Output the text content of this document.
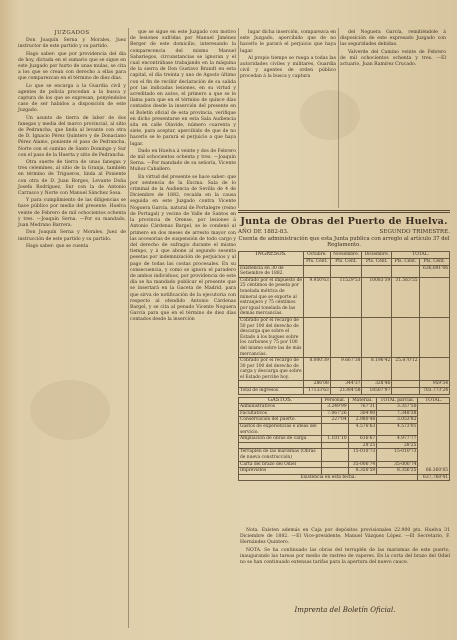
JUZGADOS

Don Joaquín Serna y Morales, Juez instructor de este partido y su partido.

Hago saber: que por providencia del día de hoy, dictada en el sumario que se sigue en este Juzgado por hurto de unas mulas, se cita a los que se crean con derecho a ellas para que comparezcan en el término de diez días.

Lo que se encarga a la Guardia civil y agentes de policía procedan a la busca y captura de los que se expresan, ponyéndolos caso de ser habidos a disposición de este Juzgado.

Un asunto de tierra de labor de dos fanegas y media del marco provincial, al sitio de Pedrancha, que linda al levante con otra de D. Ignacio Pérez Quintero y de Donaciano Pérez Alamo, poniente el paso de Pedrancha, Norte con el camino de Santo Domingo y Sur con el paso de la Huerta y sitio de Pedrancha.

Otra suerte de tierra de unas fanegas y tres celemines, al sitio de la Granja, también en término de Trigueros, linda al Poniente con otra de D. Juan Borges, Levante Doña Josefa Rodríguez, Sur con la de Antonio Carrasco y Norte con Manuel Sánchez Sosa.

Y para cumplimiento de las diligencias se hace público por medio del presente. Huelva veinte de Febrero de mil ochocientos ochenta y tres. —Joaquín Serna. —Por su mandado, Juan Medrano Barrera.

Don Joaquín Serna y Morales, Juez de instrucción de este partido y su partido.

Hago saber: que se cuenta

que se sigue en este Juzgado con motivo de lesiones sufridas por Manuel Jiménez Berger de este domicilio, interesando la comparecencia del mismo Manuel Sabariegos, circunstancias se ignoran y el cual encontrábase trabajando en la máquina de la sierra de Don Gustavo Brandt en esta capital, el día treinta y uno de Agosto último con el fin de recibir declaración de su salida por las indicadas lesiones, en su virtud y acreditado en autos, el primero a que se le llama para que en el término de quince días contados desde la inserción del presente en el Boletín oficial de esta provincia, verifique en dicho presentarse en esta Sala Audiencia sita en calle Olavide, número cuarenta y siete, para aceptar, apercibido de que de no hacerlo se le parará el perjuicio a que haya lugar.

Dado en Huelva á veinte y dos de Febrero de mil ochocientos ochenta y tres. —Joaquín Serna. —Por mandado de su señoría, Vicente Muñoz Caballero.

En virtud del presente se hace saber: que por sentencia de la Excma. Sala de lo criminal de la Audiencia de Sevilla de 4 de Diciembre de 1882, recaída en la causa seguida en este Juzgado contra Vicente Noguera García, natural de Portalegre (reino de Portugal) y vecino de Valle de Santos en la provincia de Orense, por lesiones á Antonio Cárdenas Bargel, se le condenó al primero en dos meses de arresto mayor con las accesorias de suspensión de todo cargo y del derecho de sufragio durante el mismo tiempo, y á que abone al segundo sesenta pesetas por indemnización de perjuicios y al pago de todas las costas procesales. En su consecuencia, y como se ignora el paradero de ambos individuos, por providencia de este día se ha mandado publicar el presente que se insertará en la Gaceta de Madrid, para que sirva de notificación de la ejecutoria con respecto al ofendido Antonio Cárdenas Bargel, y se cita al penado Vicente Noguera García para que en el término de diez días contados desde la inserción

lugar dicha inserción, comparezca en este Juzgado, apercibido que de no hacerlo le parará el perjuicio que haya lugar.

Al propio tiempo se ruega a todas las autoridades civiles y militares, Guardia civil y agentes de orden público procedan á la busca y captura

del Noguera García, remitiéndole á disposición de este expresado Juzgado con las seguridades debidas.

Valverde del Camino veinte de Febrero de mil ochocientos ochenta y tres. —El actuario, Juan Ramírez Crucado.

Junta de Obras del Puerto de Huelva.
AÑO DE 1882-83.	SEGUNDO TRIMESTRE.
Cuenta de administración que esta Junta publica con arreglo al artículo 37 del Reglamento.
INGRESOS.	Octubre.	Noviembre.	Diciembre.	TOTAL.	
	Pts. Cént.	Pts. Cént.	Pts. Cént.	Pts. Cént.	Pts. Cént.
Existencia en 30 de Setiembre de 1882.					636,691'06
Cobrado por el impuesto de 25 céntimos de peseta por tonelada métrica de mineral que se exporte al extranjero y 75 céntimos por igual tonelada de las demás mercancías.	9.950'63	11529'53	10083'39	31.563'55	
Cobrado por el recargo de 50 por 100 del derecho de descarga que sobre el Estado á los buques sobre los carbones y 75 por 100 del mismo sobre las de más mercancías.					
Cobrado por el recargo de 30 por 100 del derecho de carga y descarga que sobre el Estado percibe hoy.	8.000'39	9.667'38	8.196'42	25.870'12	
	286'08	344'37	328'46		959'54
Total de ingresos.	17133'63	21384'58	18507'97		703.773'24
GASTOS.	Personal.	Material.	TOTAL parcial.	TOTAL.
Administrativos	3.249'99	767'31	3.357'50	66.360'85
Facultativos	7.067'26	304'00	7.348'38	
Conservación del puerto.	227'04	2.980'48	3.053'82	
Gastos de experiencias é ideas del servicio.		4.576'63	4.573'01	
Ampliación de obras de carga	1.101'10	616'67	4.977'77	
		28'25	28'25	
Terraplén de las marismas (Obras de nueva construcción)		15-010'73	15-010'73	
Carta del brazo del Odiel		35-006'74	35-006'74	
Imprevistos		8.350'59	8.356'25	
Existencia en esta fecha.				637,760'41

Nota. Existen además en Caja por depósitos provisionales 22.900 pts. Huelva 31 Diciembre de 1882. —El Vice-presidente, Manuel Vázquez López. —El Secretario, F. Hernández Quintero.

NOTA. Se ha continuado las obras del terraplén de las marismas de este puerto, inaugurando las tareas por medio de rastreo de vapores. En la corta del brazo del Odiel no se han continuado extensas tarifas para la apertura del nuevo cauce.

Imprenta del Boletín Oficial.
